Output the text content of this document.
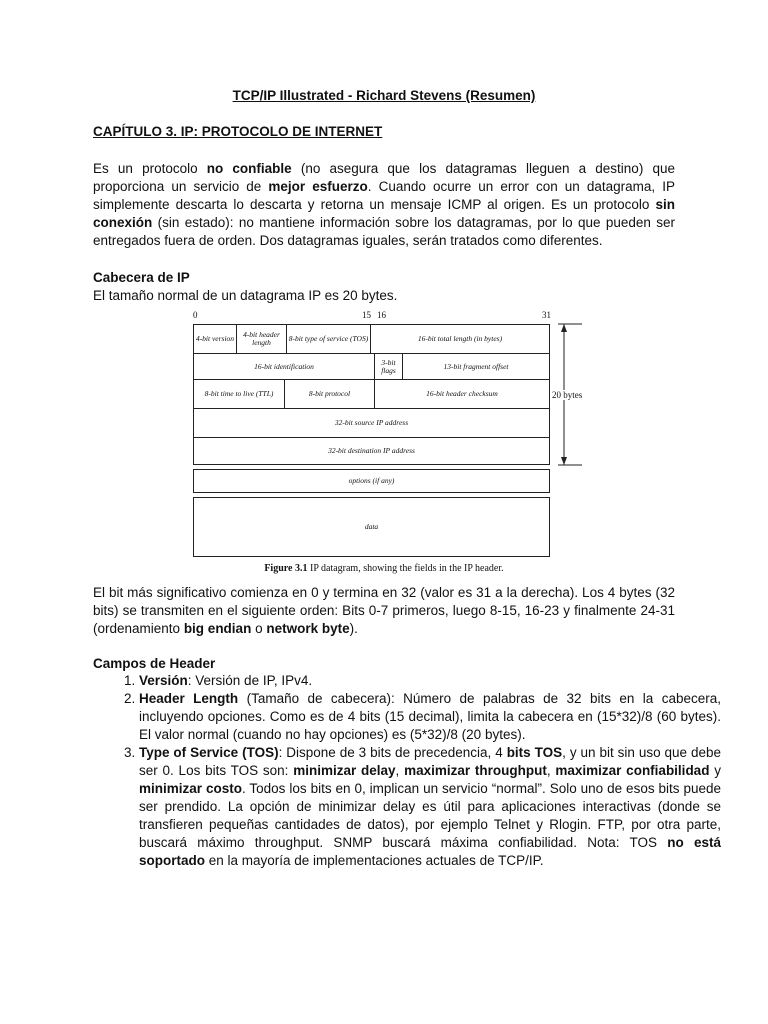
TCP/IP Illustrated - Richard Stevens (Resumen)
CAPÍTULO 3. IP: PROTOCOLO DE INTERNET
Es un protocolo no confiable (no asegura que los datagramas lleguen a destino) que proporciona un servicio de mejor esfuerzo. Cuando ocurre un error con un datagrama, IP simplemente descarta lo descarta y retorna un mensaje ICMP al origen. Es un protocolo sin conexión (sin estado): no mantiene información sobre los datagramas, por lo que pueden ser entregados fuera de orden. Dos datagramas iguales, serán tratados como diferentes.
Cabecera de IP
El tamaño normal de un datagrama IP es 20 bytes.
0	15 16	31
4-bit version	4-bit header length	8-bit type of service (TOS)	16-bit total length (in bytes)
16-bit identification	3-bit flags	13-bit fragment offset
8-bit time to live (TTL)	8-bit protocol	16-bit header checksum
32-bit source IP address
32-bit destination IP address
options (if any)
data
20 bytes
Figure 3.1 IP datagram, showing the fields in the IP header.
El bit más significativo comienza en 0 y termina en 32 (valor es 31 a la derecha). Los 4 bytes (32 bits) se transmiten en el siguiente orden: Bits 0-7 primeros, luego 8-15, 16-23 y finalmente 24-31 (ordenamiento big endian o network byte).
Campos de Header
1. Versión: Versión de IP, IPv4.
2. Header Length (Tamaño de cabecera): Número de palabras de 32 bits en la cabecera, incluyendo opciones. Como es de 4 bits (15 decimal), limita la cabecera en (15*32)/8 (60 bytes). El valor normal (cuando no hay opciones) es (5*32)/8 (20 bytes).
3. Type of Service (TOS): Dispone de 3 bits de precedencia, 4 bits TOS, y un bit sin uso que debe ser 0. Los bits TOS son: minimizar delay, maximizar throughput, maximizar confiabilidad y minimizar costo. Todos los bits en 0, implican un servicio “normal”. Solo uno de esos bits puede ser prendido. La opción de minimizar delay es útil para aplicaciones interactivas (donde se transfieren pequeñas cantidades de datos), por ejemplo Telnet y Rlogin. FTP, por otra parte, buscará máximo throughput. SNMP buscará máxima confiabilidad. Nota: TOS no está soportado en la mayoría de implementaciones actuales de TCP/IP.
